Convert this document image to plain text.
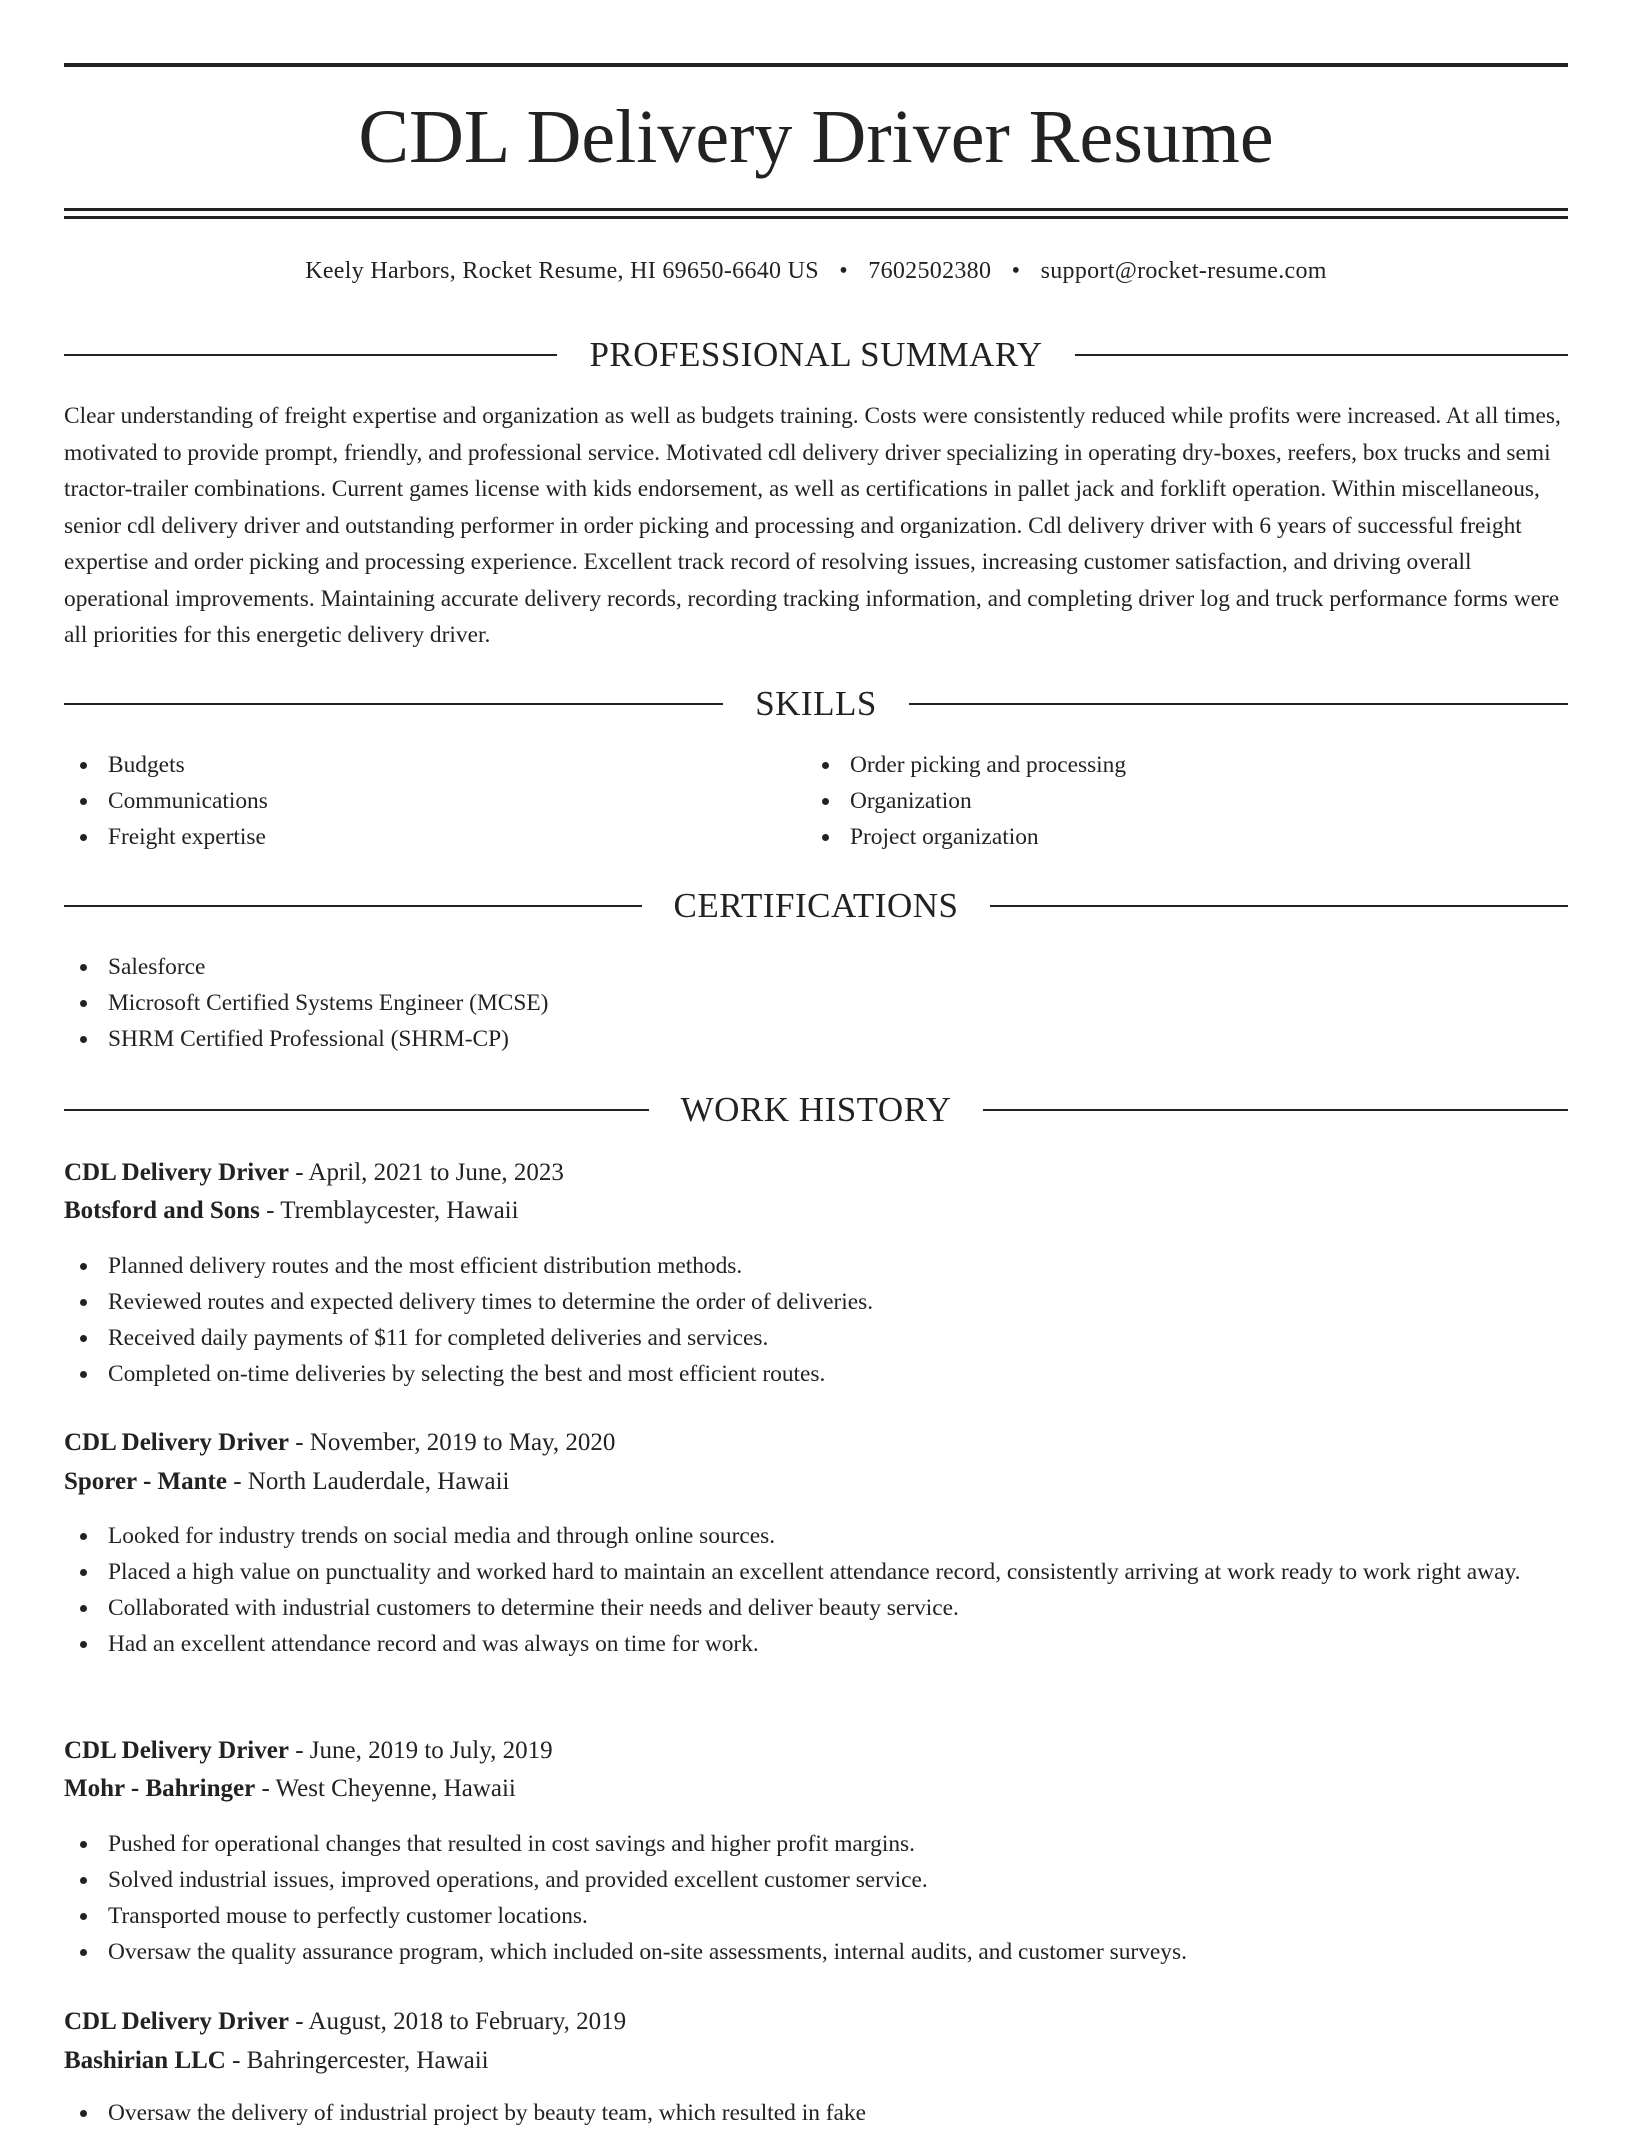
CDL Delivery Driver Resume
Keely Harbors, Rocket Resume, HI 69650-6640 US • 7602502380 • support@rocket-resume.com
PROFESSIONAL SUMMARY

Clear understanding of freight expertise and organization as well as budgets training. Costs were consistently reduced while profits were increased. At all times, motivated to provide prompt, friendly, and professional service. Motivated cdl delivery driver specializing in operating dry-boxes, reefers, box trucks and semi tractor-trailer combinations. Current games license with kids endorsement, as well as certifications in pallet jack and forklift operation. Within miscellaneous, senior cdl delivery driver and outstanding performer in order picking and processing and organization. Cdl delivery driver with 6 years of successful freight expertise and order picking and processing experience. Excellent track record of resolving issues, increasing customer satisfaction, and driving overall operational improvements. Maintaining accurate delivery records, recording tracking information, and completing driver log and truck performance forms were all priorities for this energetic delivery driver.

SKILLS
Budgets
Communications
Freight expertise
Order picking and processing
Organization
Project organization
CERTIFICATIONS
Salesforce
Microsoft Certified Systems Engineer (MCSE)
SHRM Certified Professional (SHRM-CP)
WORK HISTORY
CDL Delivery Driver - April, 2021 to June, 2023
Botsford and Sons - Tremblaycester, Hawaii
Planned delivery routes and the most efficient distribution methods.
Reviewed routes and expected delivery times to determine the order of deliveries.
Received daily payments of $11 for completed deliveries and services.
Completed on-time deliveries by selecting the best and most efficient routes.
CDL Delivery Driver - November, 2019 to May, 2020
Sporer - Mante - North Lauderdale, Hawaii
Looked for industry trends on social media and through online sources.
Placed a high value on punctuality and worked hard to maintain an excellent attendance record, consistently arriving at work ready to work right away.
Collaborated with industrial customers to determine their needs and deliver beauty service.
Had an excellent attendance record and was always on time for work.
CDL Delivery Driver - June, 2019 to July, 2019
Mohr - Bahringer - West Cheyenne, Hawaii
Pushed for operational changes that resulted in cost savings and higher profit margins.
Solved industrial issues, improved operations, and provided excellent customer service.
Transported mouse to perfectly customer locations.
Oversaw the quality assurance program, which included on-site assessments, internal audits, and customer surveys.
CDL Delivery Driver - August, 2018 to February, 2019
Bashirian LLC - Bahringercester, Hawaii
Oversaw the delivery of industrial project by beauty team, which resulted in fake
